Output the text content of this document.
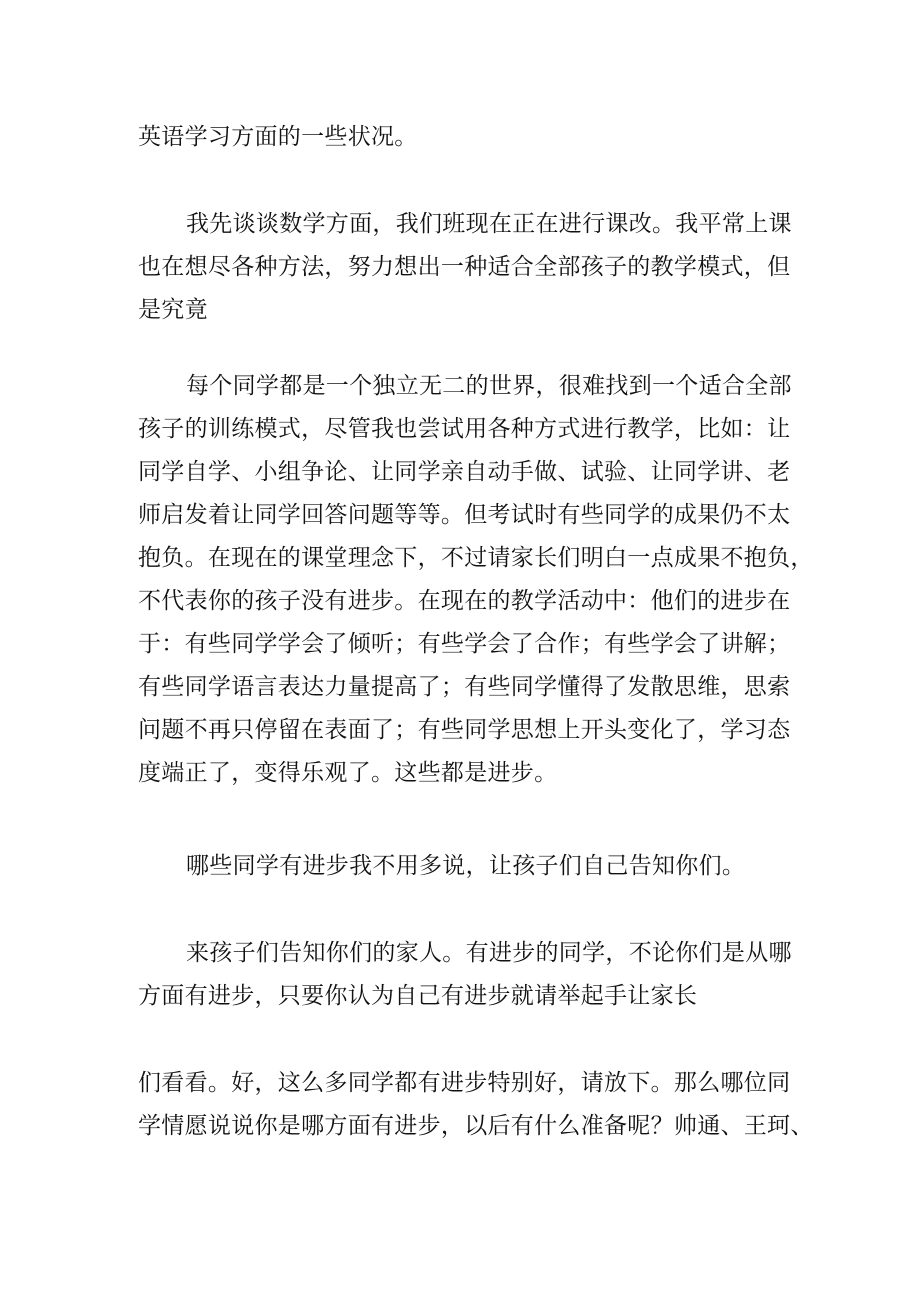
英语学习方面的一些状况。
我先谈谈数学方面，我们班现在正在进行课改。我平常上课
也在想尽各种方法，努力想出一种适合全部孩子的教学模式，但
是究竟
每个同学都是一个独立无二的世界，很难找到一个适合全部
孩子的训练模式，尽管我也尝试用各种方式进行教学，比如：让
同学自学、小组争论、让同学亲自动手做、试验、让同学讲、老
师启发着让同学回答问题等等。但考试时有些同学的成果仍不太
抱负。在现在的课堂理念下，不过请家长们明白一点成果不抱负，
不代表你的孩子没有进步。在现在的教学活动中：他们的进步在
于：有些同学学会了倾听；有些学会了合作；有些学会了讲解；
有些同学语言表达力量提高了；有些同学懂得了发散思维，思索
问题不再只停留在表面了；有些同学思想上开头变化了，学习态
度端正了，变得乐观了。这些都是进步。
哪些同学有进步我不用多说，让孩子们自己告知你们。
来孩子们告知你们的家人。有进步的同学，不论你们是从哪
方面有进步，只要你认为自己有进步就请举起手让家长
们看看。好，这么多同学都有进步特别好，请放下。那么哪位同
学情愿说说你是哪方面有进步，以后有什么准备呢？帅通、王珂、
